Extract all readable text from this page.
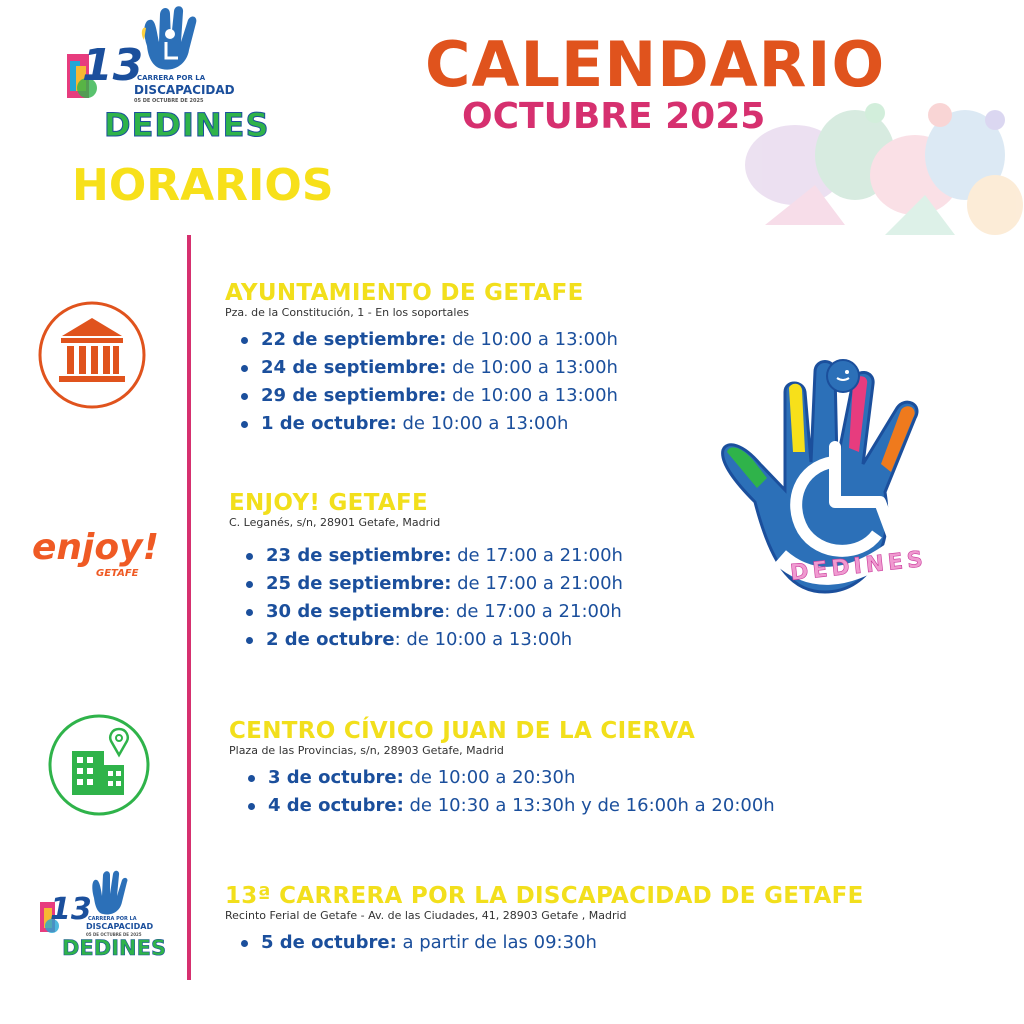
CALENDARIO
OCTUBRE 2025
HORARIOS
13
CARRERA POR LA
DISCAPACIDAD
05 DE OCTUBRE DE 2025
DEDINES
enjoy!
GETAFE
13
CARRERA POR LA
DISCAPACIDAD
05 DE OCTUBRE DE 2025
DEDINES
DEDINES
AYUNTAMIENTO DE GETAFE
Pza. de la Constitución, 1 - En los soportales
22 de septiembre: de 10:00 a 13:00h
24 de septiembre: de 10:00 a 13:00h
29 de septiembre: de 10:00 a 13:00h
1 de octubre: de 10:00 a 13:00h
ENJOY! GETAFE
C. Leganés, s/n, 28901 Getafe, Madrid
23 de septiembre: de 17:00 a 21:00h
25 de septiembre: de 17:00 a 21:00h
30 de septiembre: de 17:00 a 21:00h
2 de octubre: de 10:00 a 13:00h
CENTRO CÍVICO JUAN DE LA CIERVA
Plaza de las Provincias, s/n, 28903 Getafe, Madrid
3 de octubre: de 10:00 a 20:30h
4 de octubre: de 10:30 a 13:30h y de 16:00h a 20:00h
13ª CARRERA POR LA DISCAPACIDAD DE GETAFE
Recinto Ferial de Getafe - Av. de las Ciudades, 41, 28903 Getafe , Madrid
5 de octubre: a partir de las 09:30h
